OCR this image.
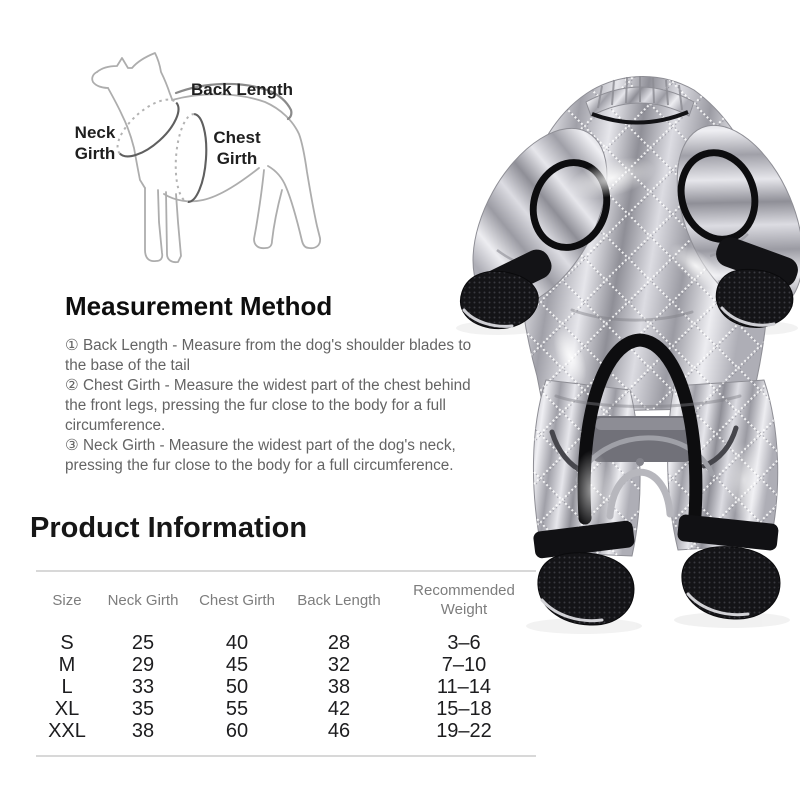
Back Length
Neck Girth
Chest Girth
Measurement Method

① Back Length - Measure from the dog's shoulder blades to the base of the tail

② Chest Girth - Measure the widest part of the chest behind the front legs, pressing the fur close to the body for a full circumference.

③ Neck Girth - Measure the widest part of the dog's neck, pressing the fur close to the body for a full circumference.

Product Information
Size	Neck Girth	Chest Girth	Back Length	Recommended Weight

S	25	40	28	3–6
M	29	45	32	7–10
L	33	50	38	11–14
XL	35	55	42	15–18
XXL	38	60	46	19–22
